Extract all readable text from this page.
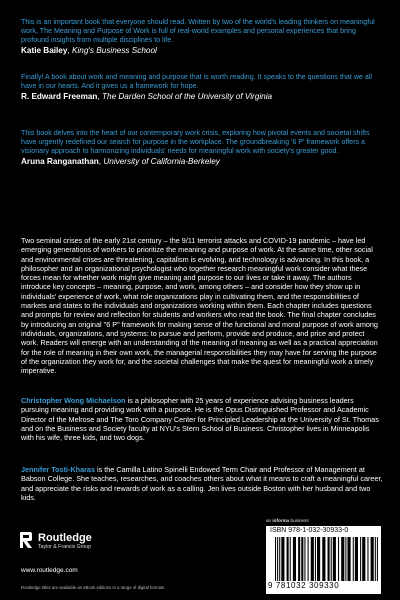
This is an important book that everyone should read. Written by two of the world's leading thinkers on meaningful work, The Meaning and Purpose of Work is full of real-world examples and personal experiences that bring profound insights from multiple disciplines to life.
Katie Bailey, King's Business School
Finally! A book about work and meaning and purpose that is worth reading. It speaks to the questions that we all have in our hearts. And it gives us a framework for hope.
R. Edward Freeman, The Darden School of the University of Virginia
This book delves into the heart of our contemporary work crisis, exploring how pivotal events and societal shifts have urgently redefined our search for purpose in the workplace. The groundbreaking '6 P' framework offers a visionary approach to harmonizing individuals' needs for meaningful work with society's greater good.
Aruna Ranganathan, University of California-Berkeley
Two seminal crises of the early 21st century – the 9/11 terrorist attacks and COVID-19 pandemic – have led emerging generations of workers to prioritize the meaning and purpose of work. At the same time, other social and environmental crises are threatening, capitalism is evolving, and technology is advancing. In this book, a philosopher and an organizational psychologist who together research meaningful work consider what these forces mean for whether work might give meaning and purpose to our lives or take it away. The authors introduce key concepts – meaning, purpose, and work, among others – and consider how they show up in individuals' experience of work, what role organizations play in cultivating them, and the responsibilities of markets and states to the individuals and organizations working within them. Each chapter includes questions and prompts for review and reflection for students and workers who read the book. The final chapter concludes by introducing an original "6 P" framework for making sense of the functional and moral purpose of work among individuals, organizations, and systems: to pursue and perform, provide and produce, and price and protect work. Readers will emerge with an understanding of the meaning of meaning as well as a practical appreciation for the role of meaning in their own work, the managerial responsibilities they may have for serving the purpose of the organization they work for, and the societal challenges that make the quest for meaningful work a timely imperative.
Christopher Wong Michaelson is a philosopher with 25 years of experience advising business leaders pursuing meaning and providing work with a purpose. He is the Opus Distinguished Professor and Academic Director of the Melrose and The Toro Company Center for Principled Leadership at the University of St. Thomas and on the Business and Society faculty at NYU's Stern School of Business. Christopher lives in Minneapolis with his wife, three kids, and two dogs.
Jennifer Tosti-Kharas is the Camilla Latino Spinelli Endowed Term Chair and Professor of Management at Babson College. She teaches, researches, and coaches others about what it means to craft a meaningful career, and appreciate the risks and rewards of work as a calling. Jen lives outside Boston with her husband and two kids.
Routledge
Taylor & Francis Group
www.routledge.com
Routledge titles are available as eBook editions in a range of digital formats
an informa business
ISBN 978-1-032-30933-0
9 781032 309330
